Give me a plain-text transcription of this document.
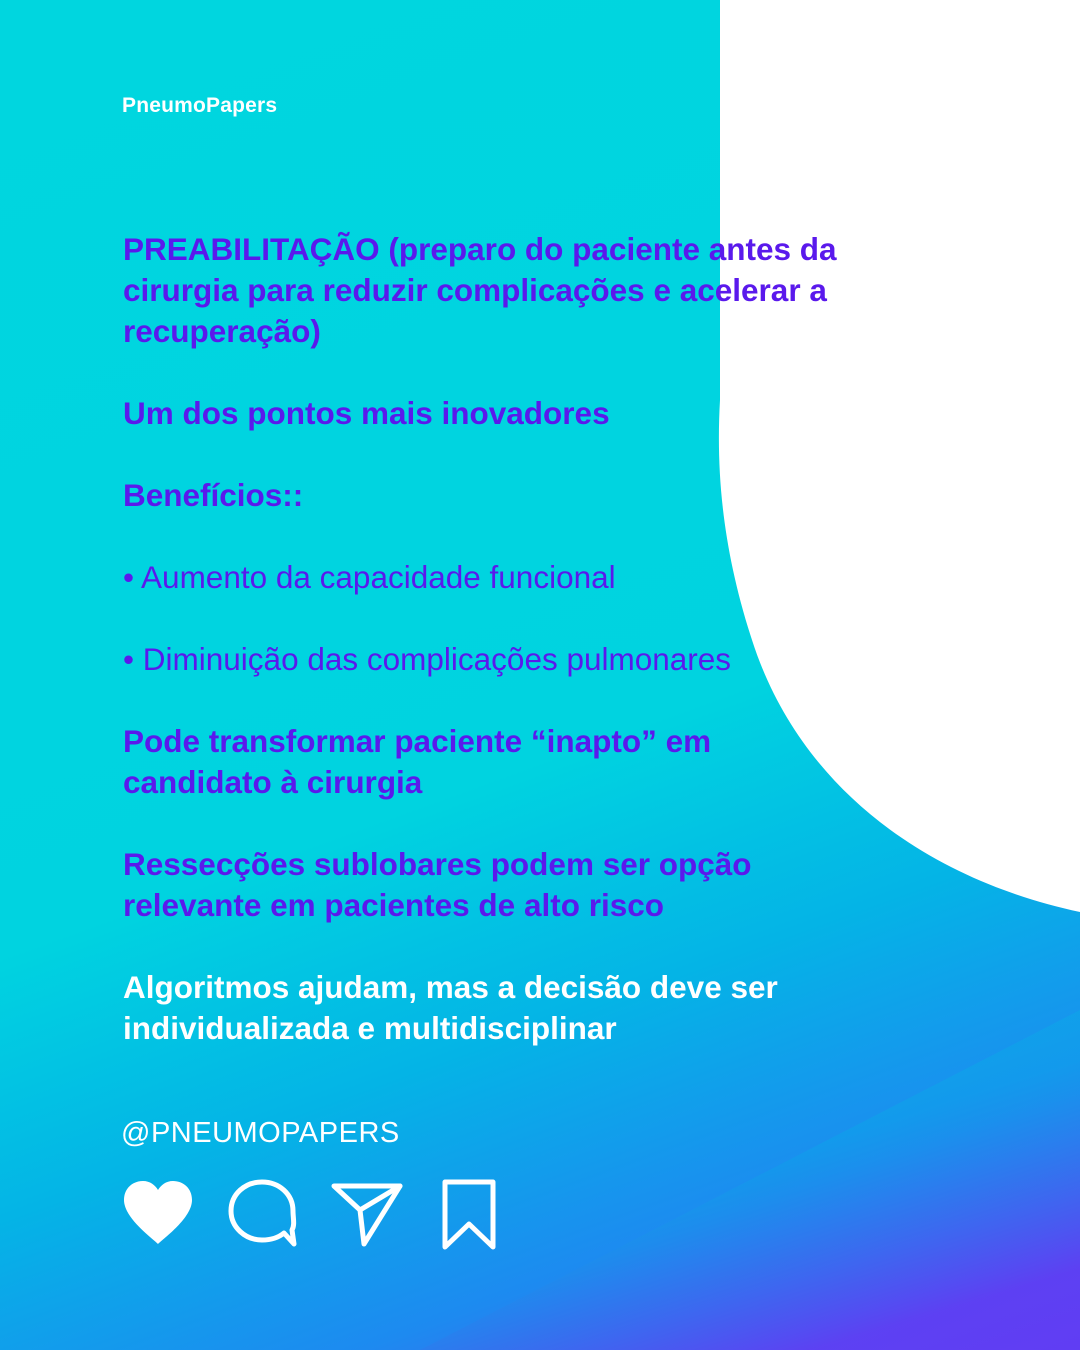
PneumoPapers

PREABILITAÇÃO (preparo do paciente antes da cirurgia para reduzir complicações e acelerar a recuperação)

Um dos pontos mais inovadores

Benefícios::

• Aumento da capacidade funcional

• Diminuição das complicações pulmonares

Pode transformar paciente “inapto” em candidato à cirurgia

Ressecções sublobares podem ser opção relevante em pacientes de alto risco

Algoritmos ajudam, mas a decisão deve ser individualizada e multidisciplinar

@PNEUMOPAPERS
